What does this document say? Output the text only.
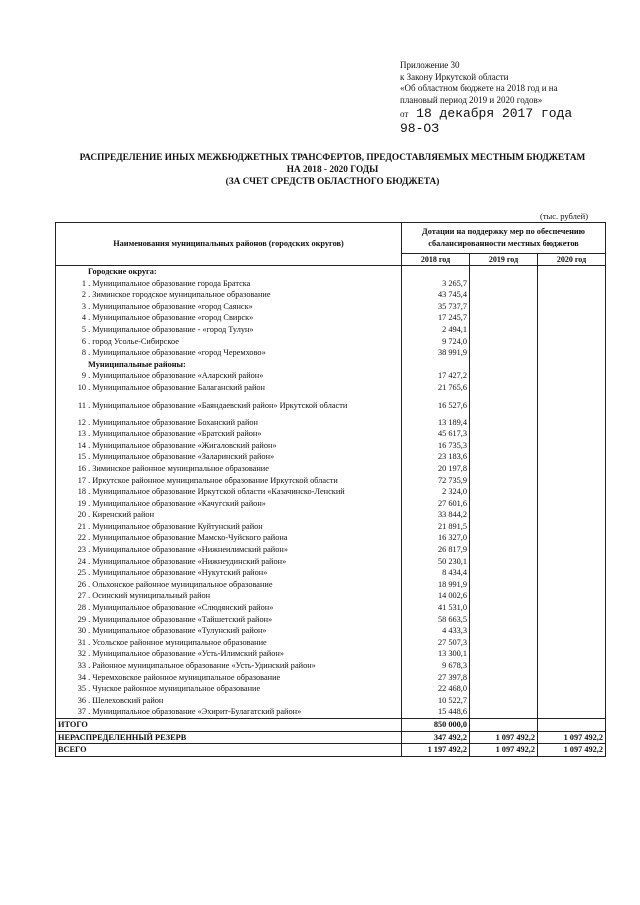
Приложение 30
к Закону Иркутской области
«Об областном бюджете на 2018 год и на
плановый период 2019 и 2020 годов»
от 18 декабря 2017 года
98-ОЗ
РАСПРЕДЕЛЕНИЕ ИНЫХ МЕЖБЮДЖЕТНЫХ ТРАНСФЕРТОВ, ПРЕДОСТАВЛЯЕМЫХ МЕСТНЫМ БЮДЖЕТАМ
НА 2018 - 2020 ГОДЫ
(ЗА СЧЕТ СРЕДСТВ ОБЛАСТНОГО БЮДЖЕТА)
(тыс. рублей)
Наименования муниципальных районов (городских округов)	Дотации на поддержку мер по обеспечению сбалансированности местных бюджетов		
	2018 год	2019 год	2020 год
Городские округа:			
1 . Муниципальное образование города Братска	3 265,7		
2 . Зиминское городское муниципальное образование	43 745,4		
3 . Муниципальное образование «город Саянск»	35 737,7		
4 . Муниципальное образование «город Свирск»	17 245,7		
5 . Муниципальное образование - «город Тулун»	2 494,1		
6 . город Усолье-Сибирское	9 724,0		
8 . Муниципальное образование «город Черемхово»	38 991,9		
Муниципальные районы:			
9 . Муниципальное образование «Аларский район»	17 427,2		
10 . Муниципальное образование Балаганский район	21 765,6		
11 . Муниципальное образование «Баяндаевский район» Иркутской области	16 527,6		
12 . Муниципальное образование Боханский район	13 189,4		
13 . Муниципальное образование «Братский район»	45 617,3		
14 . Муниципальное образование «Жигаловский район»	16 735,3		
15 . Муниципальное образование «Заларинский район»	23 183,6		
16 . Зиминское районное муниципальное образование	20 197,8		
17 . Иркутское районное муниципальное образование Иркутской области	72 735,9		
18 . Муниципальное образование Иркутской области «Казачинско-Ленский	2 324,0		
19 . Муниципальное образование «Качугский район»	27 601,6		
20 . Киренский район	33 844,2		
21 . Муниципальное образование Куйтунский район	21 891,5		
22 . Муниципальное образование Мамско-Чуйского района	16 327,0		
23 . Муниципальное образование «Нижнеилимский район»	26 817,9		
24 . Муниципальное образование «Нижнеудинский район»	50 230,1		
25 . Муниципальное образование «Нукутский район»	8 434,4		
26 . Ольхонское районное муниципальное образование	18 991,9		
27 . Осинский муниципальный район	14 002,6		
28 . Муниципальное образование «Слюдянский район»	41 531,0		
29 . Муниципальное образование «Тайшетский район»	58 663,5		
30 . Муниципальное образование «Тулунский район»	4 433,3		
31 . Усольское районное муниципальное образование	27 507,3		
32 . Муниципальное образование «Усть-Илимский район»	13 300,1		
33 . Районное муниципальное образование «Усть-Удинский район»	9 678,3		
34 . Черемховское районное муниципальное образование	27 397,8		
35 . Чунское районное муниципальное образование	22 468,0		
36 . Шелеховский район	10 522,7		
37 . Муниципальное образование «Эхирит-Булагатский район»	15 448,6		
ИТОГО	850 000,0		
НЕРАСПРЕДЕЛЕННЫЙ РЕЗЕРВ	347 492,2	1 097 492,2	1 097 492,2
ВСЕГО	1 197 492,2	1 097 492,2	1 097 492,2
